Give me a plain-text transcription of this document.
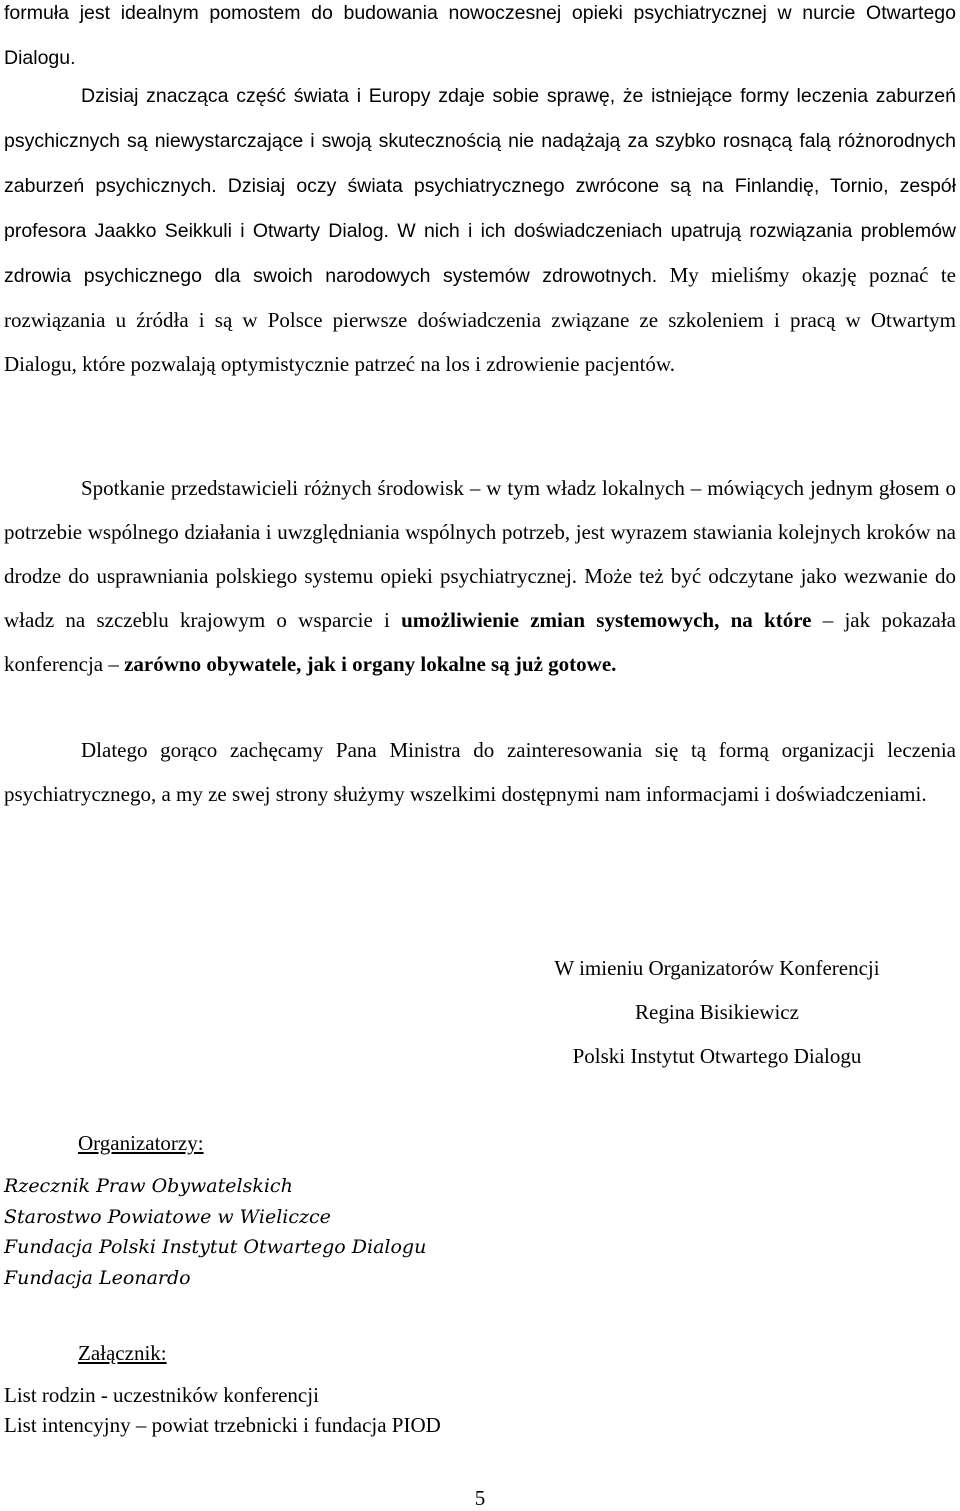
formuła jest idealnym pomostem do budowania nowoczesnej opieki psychiatrycznej w nurcie Otwartego Dialogu.

Dzisiaj znacząca część świata i Europy zdaje sobie sprawę, że istniejące formy leczenia zaburzeń psychicznych są niewystarczające i swoją skutecznością nie nadążają za szybko rosnącą falą różnorodnych zaburzeń psychicznych. Dzisiaj oczy świata psychiatrycznego zwrócone są na Finlandię, Tornio, zespół profesora Jaakko Seikkuli i Otwarty Dialog. W nich i ich doświadczeniach upatrują rozwiązania problemów zdrowia psychicznego dla swoich narodowych systemów zdrowotnych. My mieliśmy okazję poznać te rozwiązania u źródła i są w Polsce pierwsze doświadczenia związane ze szkoleniem i pracą w Otwartym Dialogu, które pozwalają optymistycznie patrzeć na los i zdrowienie pacjentów.

Spotkanie przedstawicieli różnych środowisk – w tym władz lokalnych – mówiących jednym głosem o potrzebie wspólnego działania i uwzględniania wspólnych potrzeb, jest wyrazem stawiania kolejnych kroków na drodze do usprawniania polskiego systemu opieki psychiatrycznej. Może też być odczytane jako wezwanie do władz na szczeblu krajowym o wsparcie i umożliwienie zmian systemowych, na które – jak pokazała konferencja – zarówno obywatele, jak i organy lokalne są już gotowe.

Dlatego gorąco zachęcamy Pana Ministra do zainteresowania się tą formą organizacji leczenia psychiatrycznego, a my ze swej strony służymy wszelkimi dostępnymi nam informacjami i doświadczeniami.

W imieniu Organizatorów Konferencji
Regina Bisikiewicz
Polski Instytut Otwartego Dialogu
Organizatorzy:
Rzecznik Praw Obywatelskich
Starostwo Powiatowe w Wieliczce
Fundacja Polski Instytut Otwartego Dialogu
Fundacja Leonardo
Załącznik:
List rodzin - uczestników konferencji
List intencyjny – powiat trzebnicki i fundacja PIOD
5
